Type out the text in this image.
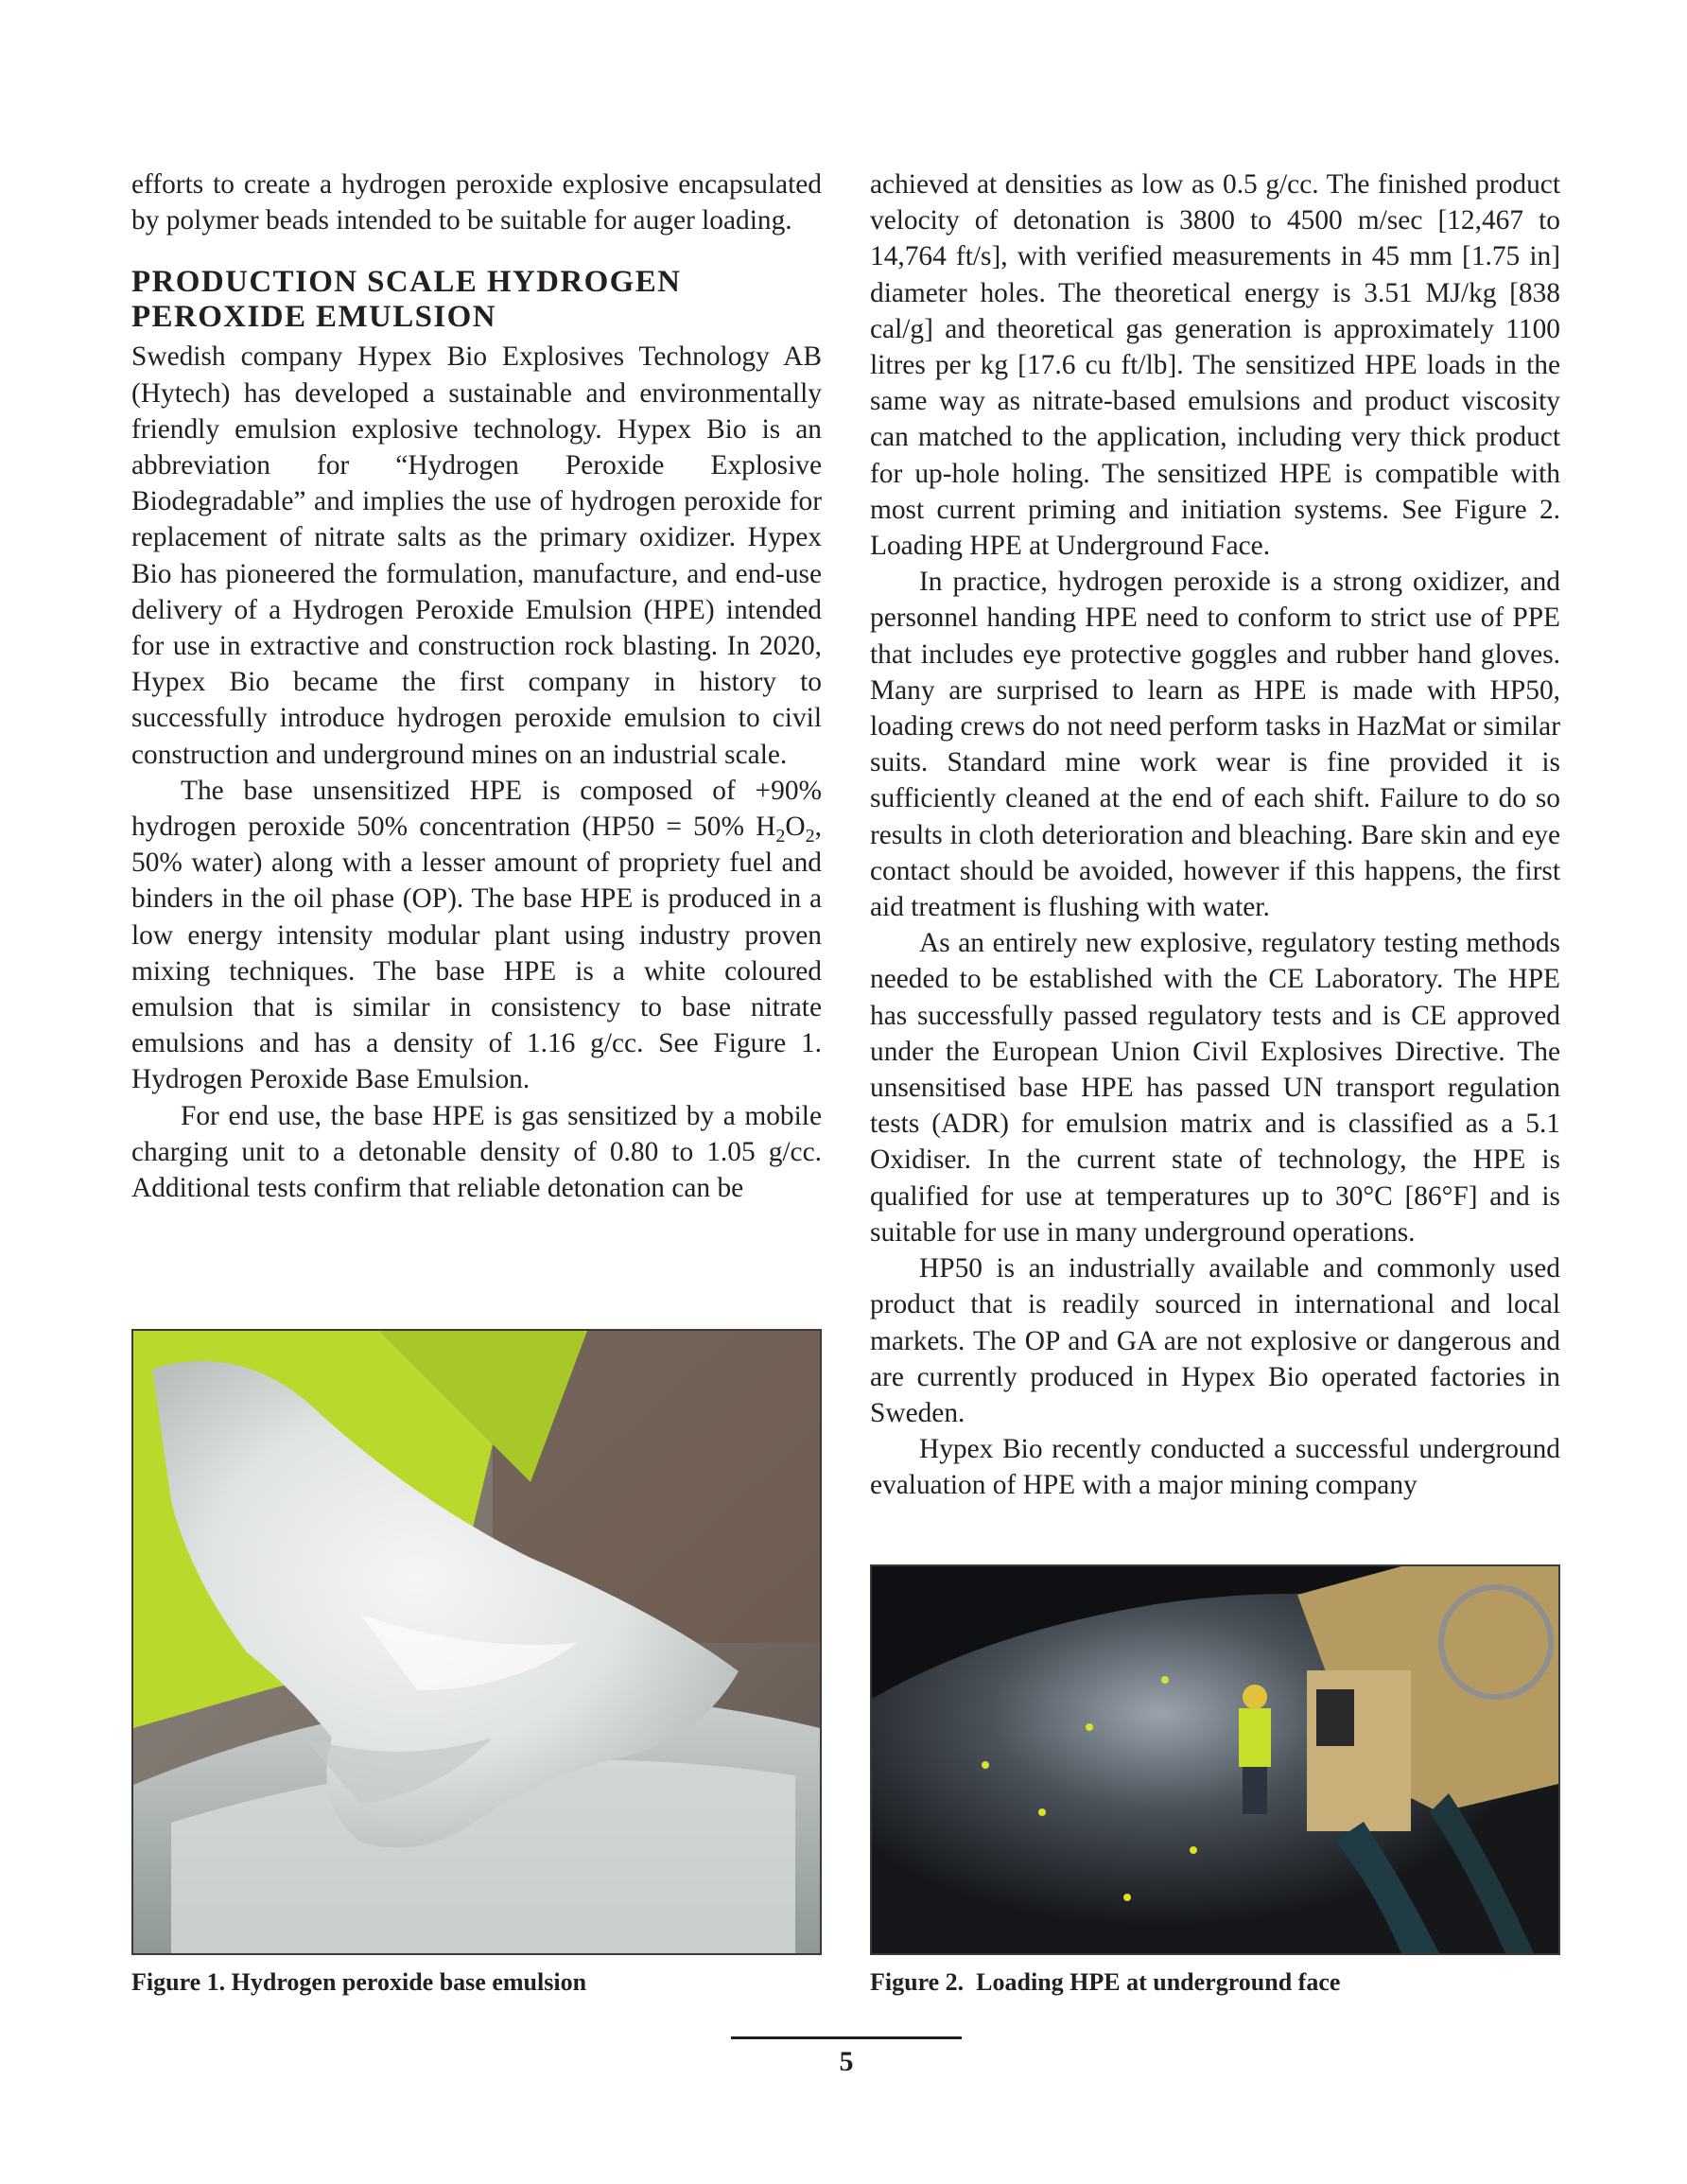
efforts to create a hydrogen peroxide explosive encapsulated by polymer beads intended to be suitable for auger loading.

PRODUCTION SCALE HYDROGEN PEROXIDE EMULSION

Swedish company Hypex Bio Explosives Technology AB (Hytech) has developed a sustainable and environmentally friendly emulsion explosive technology. Hypex Bio is an abbreviation for “Hydrogen Peroxide Explosive Biodegradable” and implies the use of hydrogen peroxide for replacement of nitrate salts as the primary oxidizer. Hypex Bio has pioneered the formulation, manufacture, and end-use delivery of a Hydrogen Peroxide Emulsion (HPE) intended for use in extractive and construction rock blasting. In 2020, Hypex Bio became the first company in history to successfully introduce hydrogen peroxide emulsion to civil construction and underground mines on an industrial scale.

The base unsensitized HPE is composed of +90% hydrogen peroxide 50% concentration (HP50 = 50% $H_2O_2$, 50% water) along with a lesser amount of propriety fuel and binders in the oil phase (OP). The base HPE is produced in a low energy intensity modular plant using industry proven mixing techniques. The base HPE is a white coloured emulsion that is similar in consistency to base nitrate emulsions and has a density of 1.16 g/cc. See Figure 1. Hydrogen Peroxide Base Emulsion.

For end use, the base HPE is gas sensitized by a mobile charging unit to a detonable density of 0.80 to 1.05 g/cc. Additional tests confirm that reliable detonation can be

achieved at densities as low as 0.5 g/cc. The finished product velocity of detonation is 3800 to 4500 m/sec [12,467 to 14,764 ft/s], with verified measurements in 45 mm [1.75 in] diameter holes. The theoretical energy is 3.51 MJ/kg [838 cal/g] and theoretical gas generation is approximately 1100 litres per kg [17.6 cu ft/lb]. The sensitized HPE loads in the same way as nitrate-based emulsions and product viscosity can matched to the application, including very thick product for up-hole holing. The sensitized HPE is compatible with most current priming and initiation systems. See Figure 2. Loading HPE at Underground Face.

In practice, hydrogen peroxide is a strong oxidizer, and personnel handing HPE need to conform to strict use of PPE that includes eye protective goggles and rubber hand gloves. Many are surprised to learn as HPE is made with HP50, loading crews do not need perform tasks in HazMat or similar suits. Standard mine work wear is fine provided it is sufficiently cleaned at the end of each shift. Failure to do so results in cloth deterioration and bleaching. Bare skin and eye contact should be avoided, however if this happens, the first aid treatment is flushing with water.

As an entirely new explosive, regulatory testing methods needed to be established with the CE Laboratory. The HPE has successfully passed regulatory tests and is CE approved under the European Union Civil Explosives Directive. The unsensitised base HPE has passed UN transport regulation tests (ADR) for emulsion matrix and is classified as a 5.1 Oxidiser. In the current state of technology, the HPE is qualified for use at temperatures up to 30°C [86°F] and is suitable for use in many underground operations.

HP50 is an industrially available and commonly used product that is readily sourced in international and local markets. The OP and GA are not explosive or dangerous and are currently produced in Hypex Bio operated factories in Sweden.

Hypex Bio recently conducted a successful underground evaluation of HPE with a major mining company

Figure 1. Hydrogen peroxide base emulsion	Figure 2.  Loading HPE at underground face
5
